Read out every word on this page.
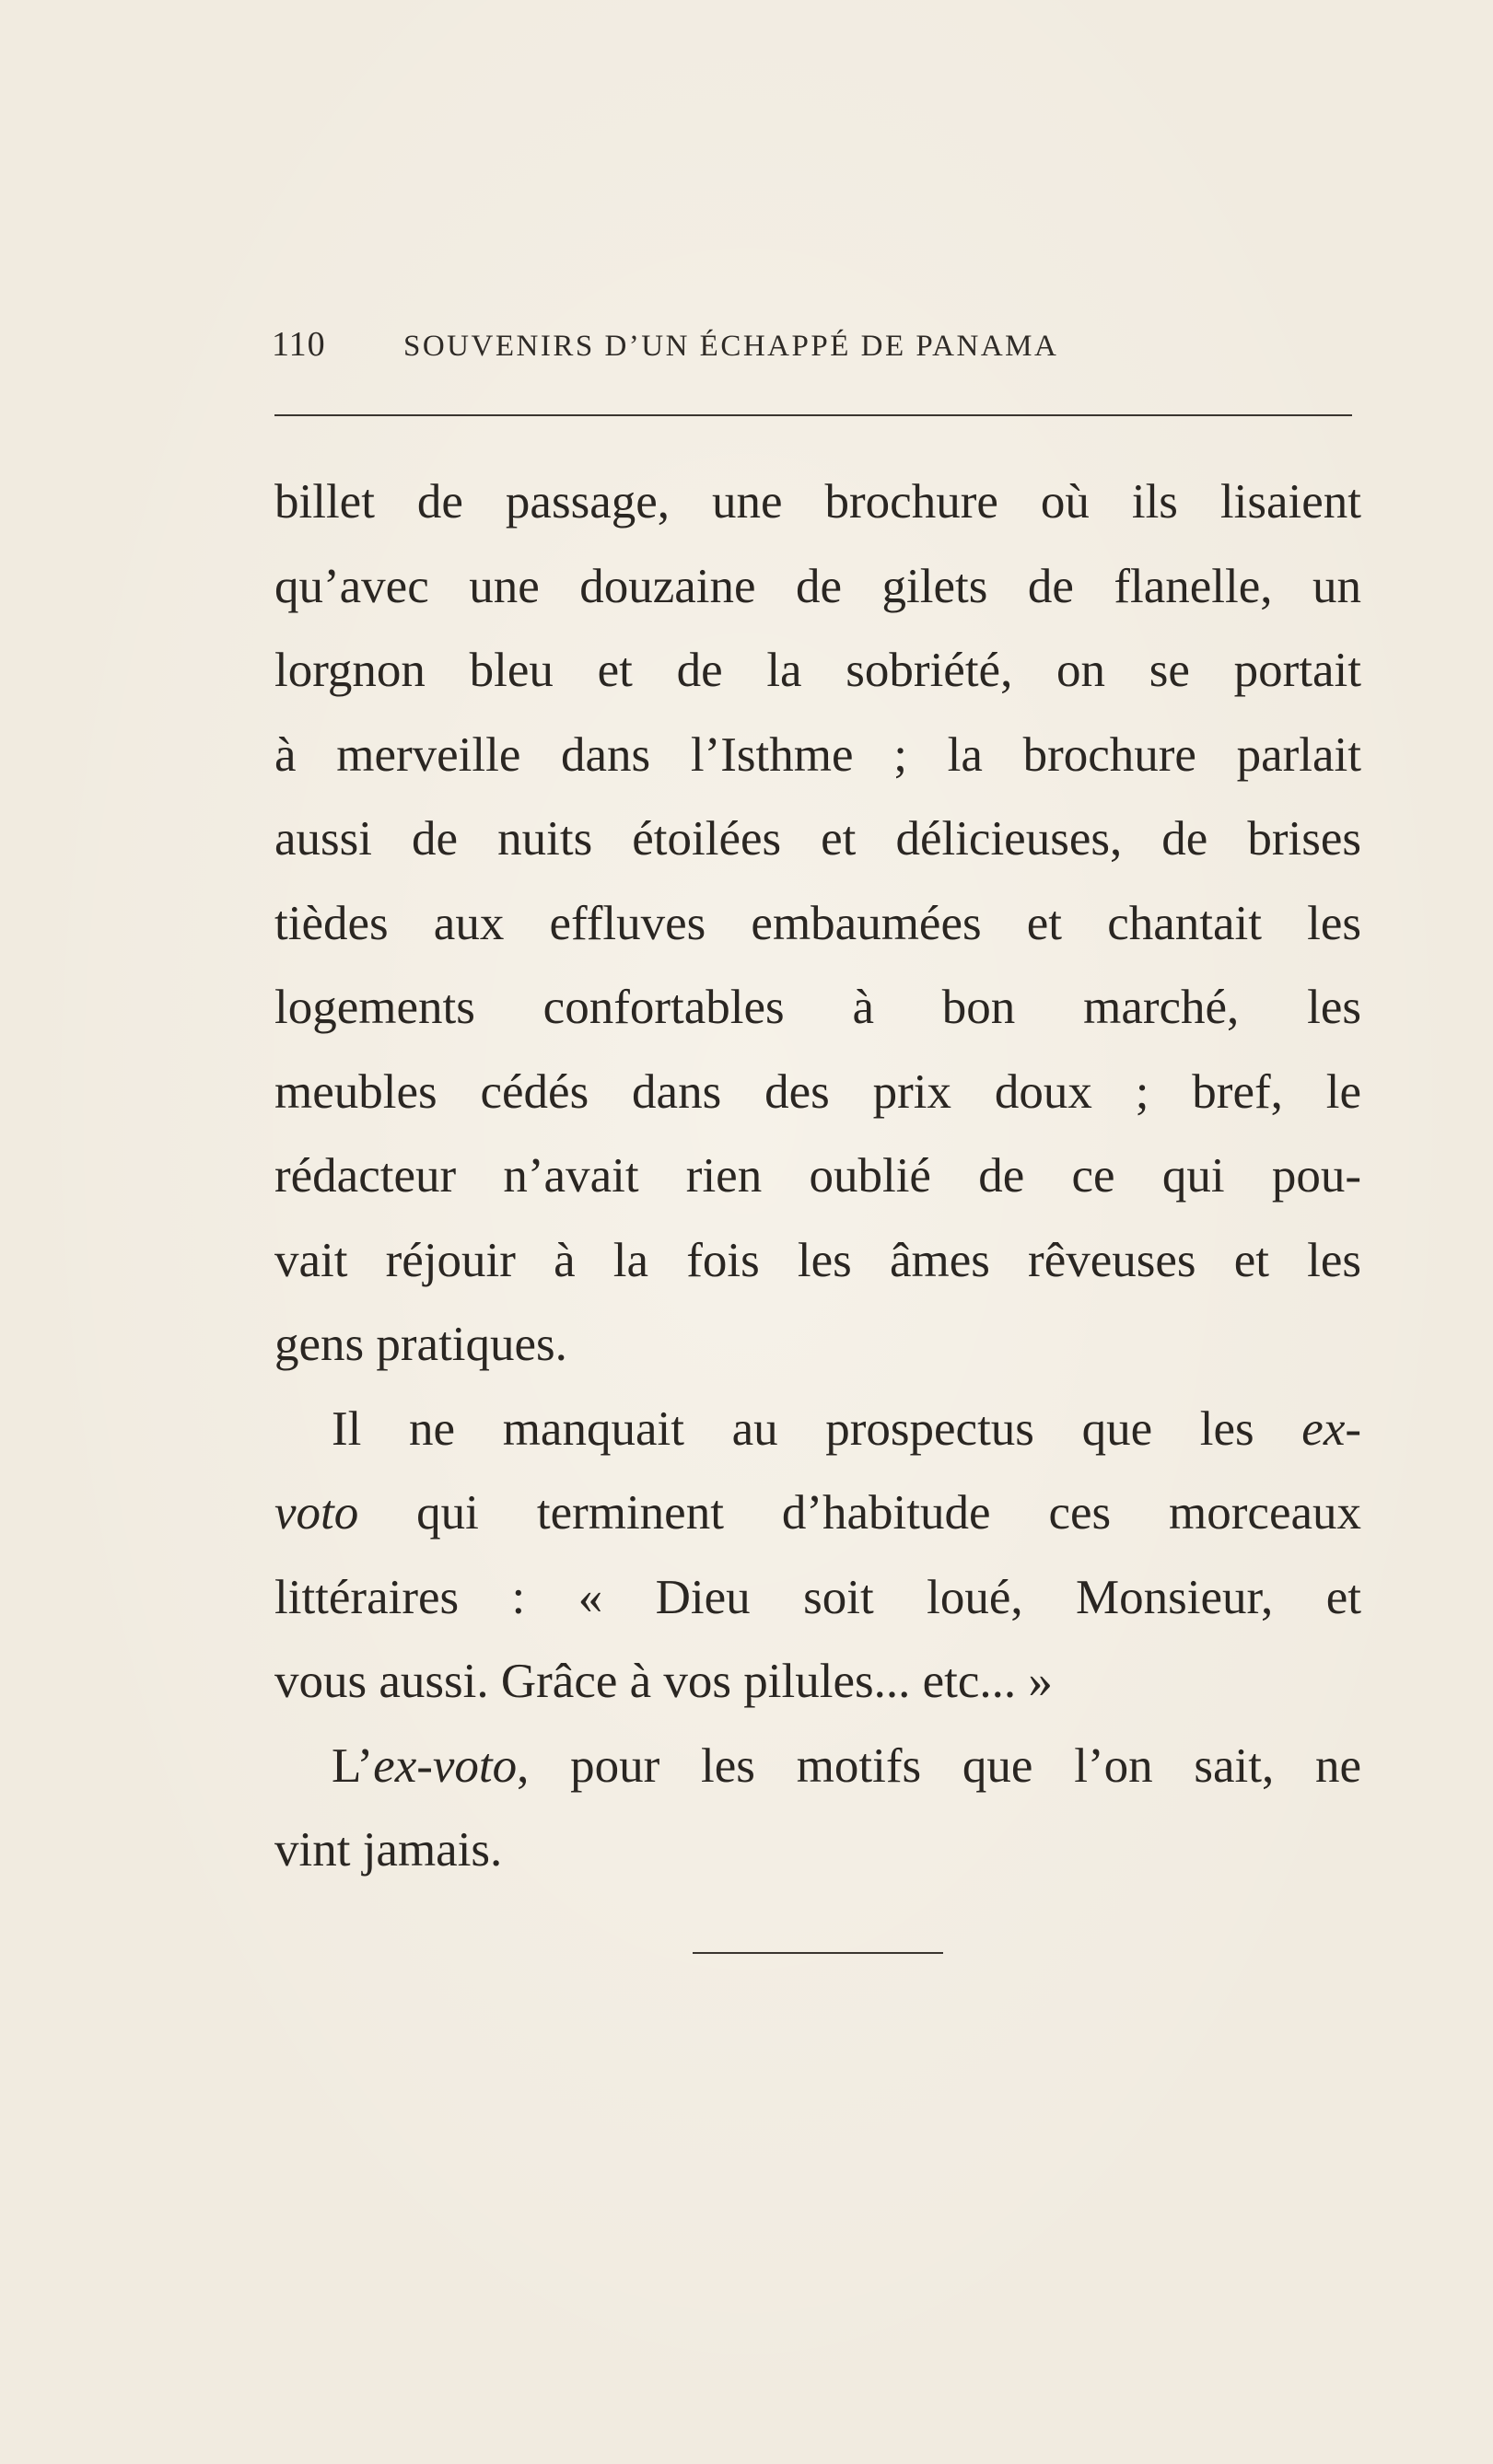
110	SOUVENIRS D’UN ÉCHAPPÉ DE PANAMA
billet de passage, une brochure où ils lisaient
qu’avec une douzaine de gilets de flanelle, un
lorgnon bleu et de la sobriété, on se portait
à merveille dans l’Isthme ; la brochure parlait
aussi de nuits étoilées et délicieuses, de brises
tièdes aux effluves embaumées et chantait les
logements confortables à bon marché, les
meubles cédés dans des prix doux ; bref, le
rédacteur n’avait rien oublié de ce qui pou-
vait réjouir à la fois les âmes rêveuses et les
gens pratiques.
Il ne manquait au prospectus que les ex-
voto qui terminent d’habitude ces morceaux
littéraires : « Dieu soit loué, Monsieur, et
vous aussi. Grâce à vos pilules... etc... »
L’ex-voto, pour les motifs que l’on sait, ne
vint jamais.
